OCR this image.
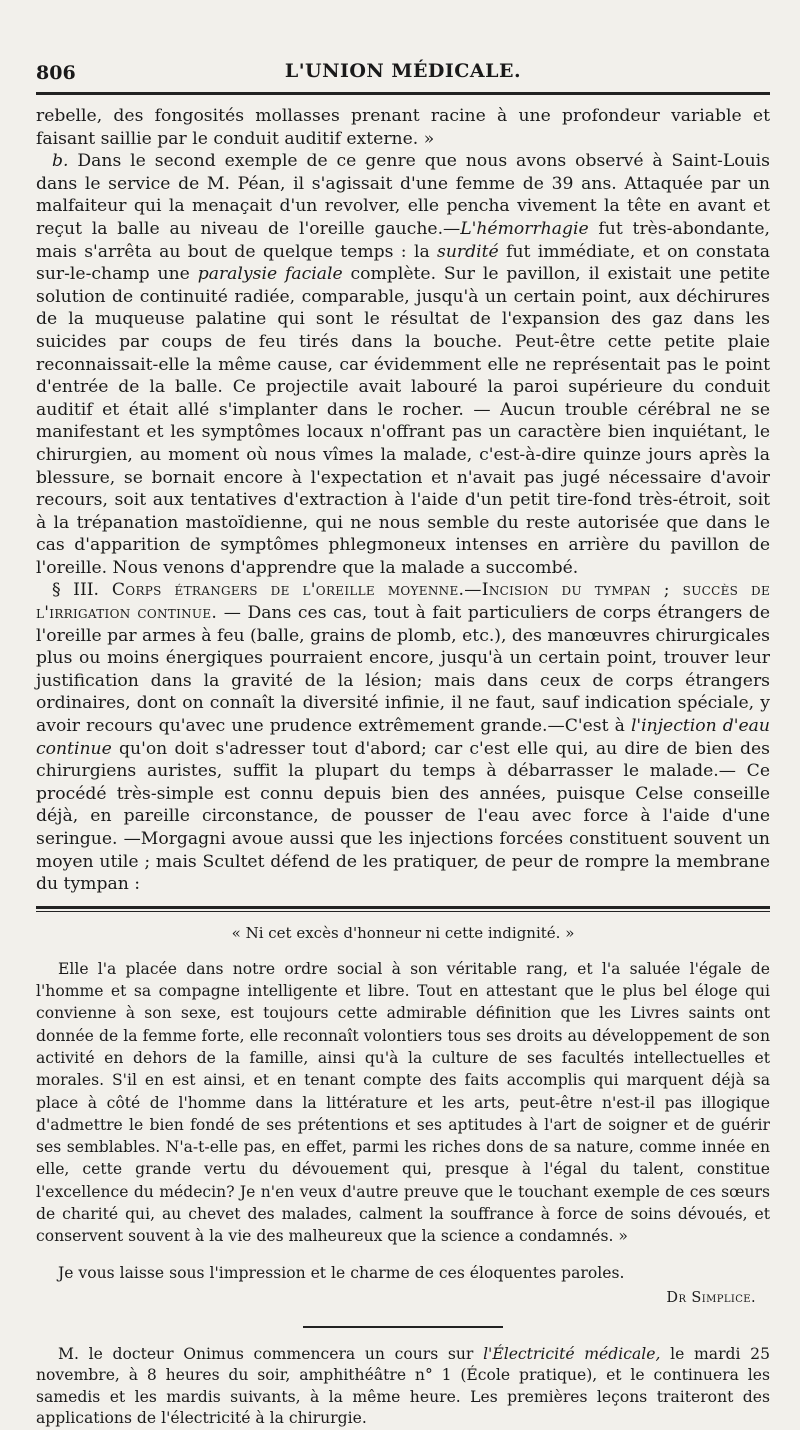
806	L'UNION MÉDICALE.

rebelle, des fongosités mollasses prenant racine à une profondeur variable et faisant saillie par le conduit auditif externe. »

b. Dans le second exemple de ce genre que nous avons observé à Saint-Louis dans le service de M. Péan, il s'agissait d'une femme de 39 ans. Attaquée par un malfaiteur qui la menaçait d'un revolver, elle pencha vivement la tête en avant et reçut la balle au niveau de l'oreille gauche.—L'hémorrhagie fut très-abondante, mais s'arrêta au bout de quelque temps : la surdité fut immédiate, et on constata sur-le-champ une paralysie faciale complète. Sur le pavillon, il existait une petite solution de continuité radiée, comparable, jusqu'à un certain point, aux déchirures de la muqueuse palatine qui sont le résultat de l'expansion des gaz dans les suicides par coups de feu tirés dans la bouche. Peut-être cette petite plaie reconnaissait-elle la même cause, car évidemment elle ne représentait pas le point d'entrée de la balle. Ce projectile avait labouré la paroi supérieure du conduit auditif et était allé s'implanter dans le rocher. — Aucun trouble cérébral ne se manifestant et les symptômes locaux n'offrant pas un caractère bien inquiétant, le chirurgien, au moment où nous vîmes la malade, c'est-à-dire quinze jours après la blessure, se bornait encore à l'expectation et n'avait pas jugé nécessaire d'avoir recours, soit aux tentatives d'extraction à l'aide d'un petit tire-fond très-étroit, soit à la trépanation mastoïdienne, qui ne nous semble du reste autorisée que dans le cas d'apparition de symptômes phlegmoneux intenses en arrière du pavillon de l'oreille. Nous venons d'apprendre que la malade a succombé.

§ III. Corps étrangers de l'oreille moyenne.—Incision du tympan ; succès de l'irrigation continue. — Dans ces cas, tout à fait particuliers de corps étrangers de l'oreille par armes à feu (balle, grains de plomb, etc.), des manœuvres chirurgicales plus ou moins énergiques pourraient encore, jusqu'à un certain point, trouver leur justification dans la gravité de la lésion; mais dans ceux de corps étrangers ordinaires, dont on connaît la diversité infinie, il ne faut, sauf indication spéciale, y avoir recours qu'avec une prudence extrêmement grande.—C'est à l'injection d'eau continue qu'on doit s'adresser tout d'abord; car c'est elle qui, au dire de bien des chirurgiens auristes, suffit la plupart du temps à débarrasser le malade.— Ce procédé très-simple est connu depuis bien des années, puisque Celse conseille déjà, en pareille circonstance, de pousser de l'eau avec force à l'aide d'une seringue. —Morgagni avoue aussi que les injections forcées constituent souvent un moyen utile ; mais Scultet défend de les pratiquer, de peur de rompre la membrane du tympan :

« Ni cet excès d'honneur ni cette indignité. »

Elle l'a placée dans notre ordre social à son véritable rang, et l'a saluée l'égale de l'homme et sa compagne intelligente et libre. Tout en attestant que le plus bel éloge qui convienne à son sexe, est toujours cette admirable définition que les Livres saints ont donnée de la femme forte, elle reconnaît volontiers tous ses droits au développement de son activité en dehors de la famille, ainsi qu'à la culture de ses facultés intellectuelles et morales. S'il en est ainsi, et en tenant compte des faits accomplis qui marquent déjà sa place à côté de l'homme dans la littérature et les arts, peut-être n'est-il pas illogique d'admettre le bien fondé de ses prétentions et ses aptitudes à l'art de soigner et de guérir ses semblables. N'a-t-elle pas, en effet, parmi les riches dons de sa nature, comme innée en elle, cette grande vertu du dévouement qui, presque à l'égal du talent, constitue l'excellence du médecin? Je n'en veux d'autre preuve que le touchant exemple de ces sœurs de charité qui, au chevet des malades, calment la souffrance à force de soins dévoués, et conservent souvent à la vie des malheureux que la science a condamnés. »

Je vous laisse sous l'impression et le charme de ces éloquentes paroles.

Dr Simplice.

M. le docteur Onimus commencera un cours sur l'Électricité médicale, le mardi 25 novembre, à 8 heures du soir, amphithéâtre n° 1 (École pratique), et le continuera les samedis et les mardis suivants, à la même heure. Les premières leçons traiteront des applications de l'électricité à la chirurgie.
